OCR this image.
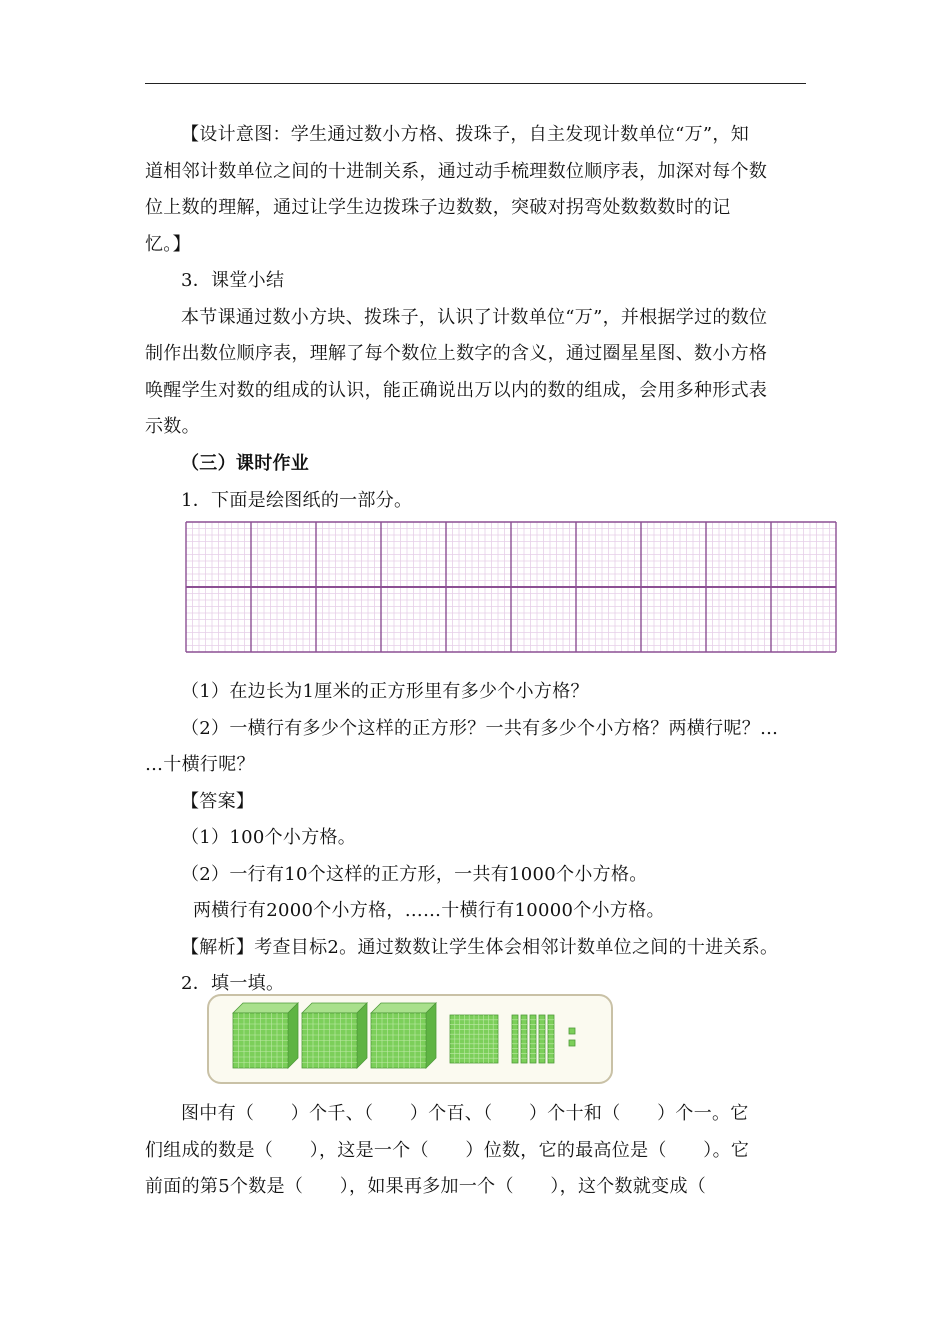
【设计意图：学生通过数小方格、拨珠子，自主发现计数单位“万”，知
道相邻计数单位之间的十进制关系，通过动手梳理数位顺序表，加深对每个数
位上数的理解，通过让学生边拨珠子边数数，突破对拐弯处数数数时的记
忆。】
3．课堂小结
本节课通过数小方块、拨珠子，认识了计数单位“万”，并根据学过的数位
制作出数位顺序表，理解了每个数位上数字的含义，通过圈星星图、数小方格
唤醒学生对数的组成的认识，能正确说出万以内的数的组成，会用多种形式表
示数。
（三）课时作业
1．下面是绘图纸的一部分。
（1）在边长为1厘米的正方形里有多少个小方格？
（2）一横行有多少个这样的正方形？一共有多少个小方格？两横行呢？…
…十横行呢？
【答案】
（1）100个小方格。
（2）一行有10个这样的正方形，一共有1000个小方格。
两横行有2000个小方格，……十横行有10000个小方格。
【解析】考查目标2。通过数数让学生体会相邻计数单位之间的十进关系。
2．填一填。
图中有（　　）个千、（　　）个百、（　　）个十和（　　）个一。它
们组成的数是（　　），这是一个（　　）位数，它的最高位是（　　）。它
前面的第5个数是（　　），如果再多加一个（　　），这个数就变成（
